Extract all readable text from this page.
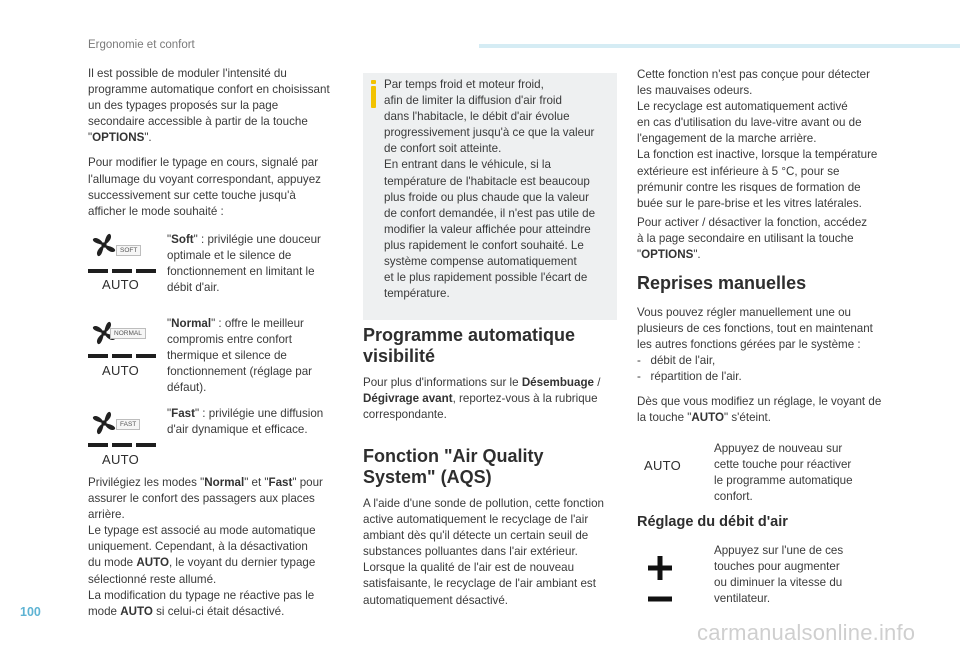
Ergonomie et confort

Il est possible de moduler l'intensité du
programme automatique confort en choisissant
un des typages proposés sur la page
secondaire accessible à partir de la touche
"OPTIONS".

Pour modifier le typage en cours, signalé par
l'allumage du voyant correspondant, appuyez
successivement sur cette touche jusqu'à
afficher le mode souhaité :

SOFT
AUTO
NORMAL
AUTO
FAST
AUTO

"Soft" : privilégie une douceur
optimale et le silence de
fonctionnement en limitant le
débit d'air.

"Normal" : offre le meilleur
compromis entre confort
thermique et silence de
fonctionnement (réglage par
défaut).

"Fast" : privilégie une diffusion
d'air dynamique et efficace.

Privilégiez les modes "Normal" et "Fast" pour
assurer le confort des passagers aux places
arrière.
Le typage est associé au mode automatique
uniquement. Cependant, à la désactivation
du mode AUTO, le voyant du dernier typage
sélectionné reste allumé.
La modification du typage ne réactive pas le
mode AUTO si celui-ci était désactivé.

Par temps froid et moteur froid,
afin de limiter la diffusion d'air froid
dans l'habitacle, le débit d'air évolue
progressivement jusqu'à ce que la valeur
de confort soit atteinte.
En entrant dans le véhicule, si la
température de l'habitacle est beaucoup
plus froide ou plus chaude que la valeur
de confort demandée, il n'est pas utile de
modifier la valeur affichée pour atteindre
plus rapidement le confort souhaité. Le
système compense automatiquement
et le plus rapidement possible l'écart de
température.

Programme automatique
visibilité

Pour plus d'informations sur le Désembuage /
Dégivrage avant, reportez-vous à la rubrique
correspondante.

Fonction "Air Quality
System" (AQS)

A l'aide d'une sonde de pollution, cette fonction
active automatiquement le recyclage de l'air
ambiant dès qu'il détecte un certain seuil de
substances polluantes dans l'air extérieur.
Lorsque la qualité de l'air est de nouveau
satisfaisante, le recyclage de l'air ambiant est
automatiquement désactivé.

Cette fonction n'est pas conçue pour détecter
les mauvaises odeurs.
Le recyclage est automatiquement activé
en cas d'utilisation du lave-vitre avant ou de
l'engagement de la marche arrière.
La fonction est inactive, lorsque la température
extérieure est inférieure à 5 °C, pour se
prémunir contre les risques de formation de
buée sur le pare-brise et les vitres latérales.

Pour activer / désactiver la fonction, accédez
à la page secondaire en utilisant la touche
"OPTIONS".

Reprises manuelles

Vous pouvez régler manuellement une ou
plusieurs de ces fonctions, tout en maintenant
les autres fonctions gérées par le système :
-   débit de l'air,
-   répartition de l'air.

Dès que vous modifiez un réglage, le voyant de
la touche "AUTO" s'éteint.

AUTO

Appuyez de nouveau sur
cette touche pour réactiver
le programme automatique
confort.

Réglage du débit d'air

Appuyez sur l'une de ces
touches pour augmenter
ou diminuer la vitesse du
ventilateur.

100
carmanualsonline.info
